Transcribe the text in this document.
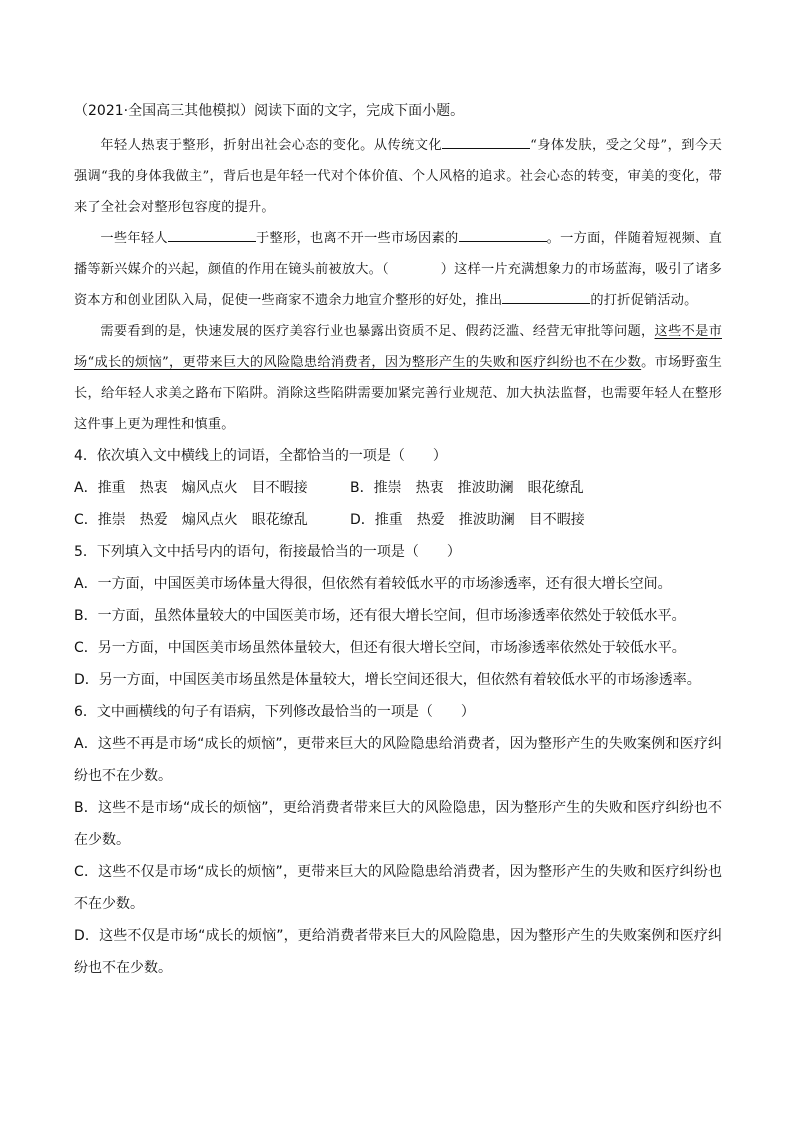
（2021·全国高三其他模拟）阅读下面的文字，完成下面小题。

年轻人热衷于整形，折射出社会心态的变化。从传统文化	“身体发肤，受之父母”，到今天强调“我的身体我做主”，背后也是年轻一代对个体价值、个人风格的追求。社会心态的转变，审美的变化，带来了全社会对整形包容度的提升。

一些年轻人	于整形，也离不开一些市场因素的	。一方面，伴随着短视频、直播等新兴媒介的兴起，颜值的作用在镜头前被放大。（	）这样一片充满想象力的市场蓝海，吸引了诸多资本方和创业团队入局，促使一些商家不遗余力地宣介整形的好处，推出	的打折促销活动。

需要看到的是，快速发展的医疗美容行业也暴露出资质不足、假药泛滥、经营无审批等问题，这些不是市场“成长的烦恼”，更带来巨大的风险隐患给消费者，因为整形产生的失败和医疗纠纷也不在少数。市场野蛮生长，给年轻人求美之路布下陷阱。消除这些陷阱需要加紧完善行业规范、加大执法监督，也需要年轻人在整形这件事上更为理性和慎重。

4．依次填入文中横线上的词语，全都恰当的一项是（　　）
A．推重　热衷　煽风点火　目不暇接	B．推崇　热衷　推波助澜　眼花缭乱
C．推崇　热爱　煽风点火　眼花缭乱	D．推重　热爱　推波助澜　目不暇接
5．下列填入文中括号内的语句，衔接最恰当的一项是（　　）
A．一方面，中国医美市场体量大得很，但依然有着较低水平的市场渗透率，还有很大增长空间。
B．一方面，虽然体量较大的中国医美市场，还有很大增长空间，但市场渗透率依然处于较低水平。
C．另一方面，中国医美市场虽然体量较大，但还有很大增长空间，市场渗透率依然处于较低水平。
D．另一方面，中国医美市场虽然是体量较大，增长空间还很大，但依然有着较低水平的市场渗透率。
6．文中画横线的句子有语病，下列修改最恰当的一项是（　　）
A．这些不再是市场“成长的烦恼”，更带来巨大的风险隐患给消费者，因为整形产生的失败案例和医疗纠纷也不在少数。
B．这些不是市场“成长的烦恼”，更给消费者带来巨大的风险隐患，因为整形产生的失败和医疗纠纷也不在少数。
C．这些不仅是市场“成长的烦恼”，更带来巨大的风险隐患给消费者，因为整形产生的失败和医疗纠纷也不在少数。
D．这些不仅是市场“成长的烦恼”，更给消费者带来巨大的风险隐患，因为整形产生的失败案例和医疗纠纷也不在少数。
